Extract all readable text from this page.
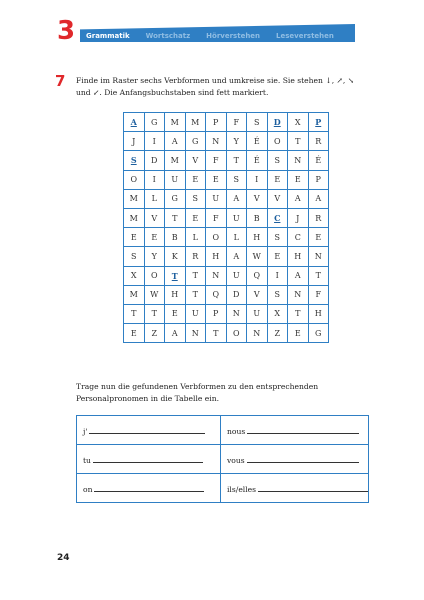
3 Grammatik Wortschatz Hörverstehen Leseverstehen
7 Finde im Raster sechs Verbformen und umkreise sie. Sie stehen ↓, ↗, ↘
und ↙. Die Anfangsbuchstaben sind fett markiert.
A	G	M	M	P	F	S	D	X	P
J	I	A	G	N	Y	É	O	T	R
S	D	M	V	F	T	É	S	N	É
O	I	U	E	E	S	I	E	E	P
M	L	G	S	U	A	V	V	A	A
M	V	T	E	F	U	B	C	J	R
E	E	B	L	O	L	H	S	C	E
S	Y	K	R	H	A	W	E	H	N
X	O	T	T	N	U	Q	I	A	T
M	W	H	T	Q	D	V	S	N	F
T	T	E	U	P	N	U	X	T	H
E	Z	A	N	T	O	N	Z	E	G
Trage nun die gefundenen Verbformen zu den entsprechenden
Personalpronomen in die Tabelle ein.
j'	nous
tu	vous
on	ils/elles
24
